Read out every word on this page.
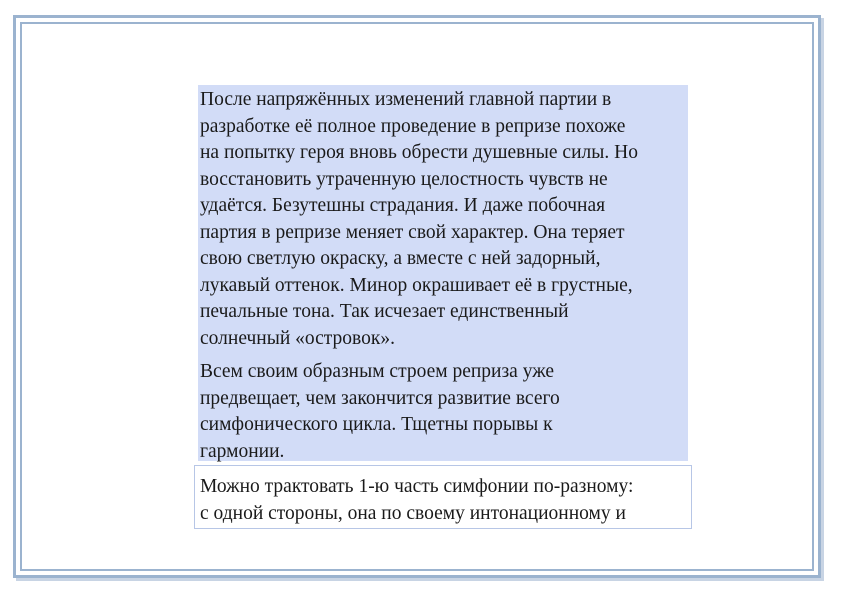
После напряжённых изменений главной партии в
разработке её полное проведение в репризе похоже
на попытку героя вновь обрести душевные силы. Но
восстановить утраченную целостность чувств не
удаётся. Безутешны страдания. И даже побочная
партия в репризе меняет свой характер. Она теряет
свою светлую окраску, а вместе с ней задорный,
лукавый оттенок. Минор окрашивает её в грустные,
печальные тона. Так исчезает единственный
солнечный «островок».

Всем своим образным строем реприза уже
предвещает, чем закончится развитие всего
симфонического цикла. Тщетны порывы к
гармонии.

Можно трактовать 1-ю часть симфонии по-разному:
с одной стороны, она по своему интонационному и
